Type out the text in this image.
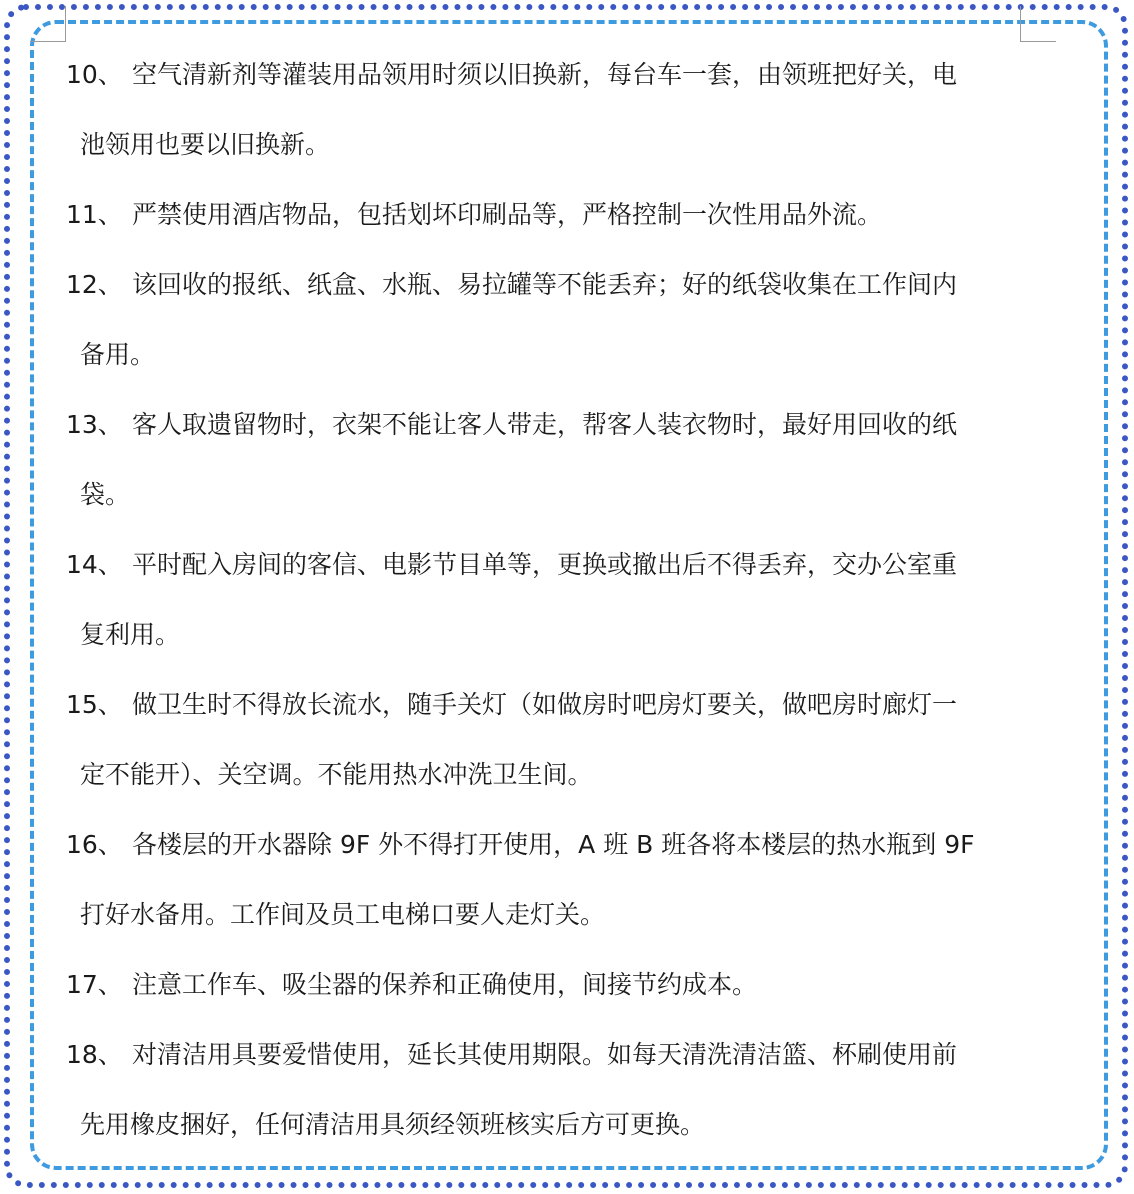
10、 空气清新剂等灌装用品领用时须以旧换新，每台车一套，由领班把好关，电
池领用也要以旧换新。
11、 严禁使用酒店物品，包括划坏印刷品等，严格控制一次性用品外流。
12、 该回收的报纸、纸盒、水瓶、易拉罐等不能丢弃；好的纸袋收集在工作间内
备用。
13、 客人取遗留物时，衣架不能让客人带走，帮客人装衣物时，最好用回收的纸
袋。
14、 平时配入房间的客信、电影节目单等，更换或撤出后不得丢弃，交办公室重
复利用。
15、 做卫生时不得放长流水，随手关灯（如做房时吧房灯要关，做吧房时廊灯一
定不能开）、关空调。不能用热水冲洗卫生间。
16、 各楼层的开水器除 9F 外不得打开使用，A 班 B 班各将本楼层的热水瓶到 9F
打好水备用。工作间及员工电梯口要人走灯关。
17、 注意工作车、吸尘器的保养和正确使用，间接节约成本。
18、 对清洁用具要爱惜使用，延长其使用期限。如每天清洗清洁篮、杯刷使用前
先用橡皮捆好，任何清洁用具须经领班核实后方可更换。
